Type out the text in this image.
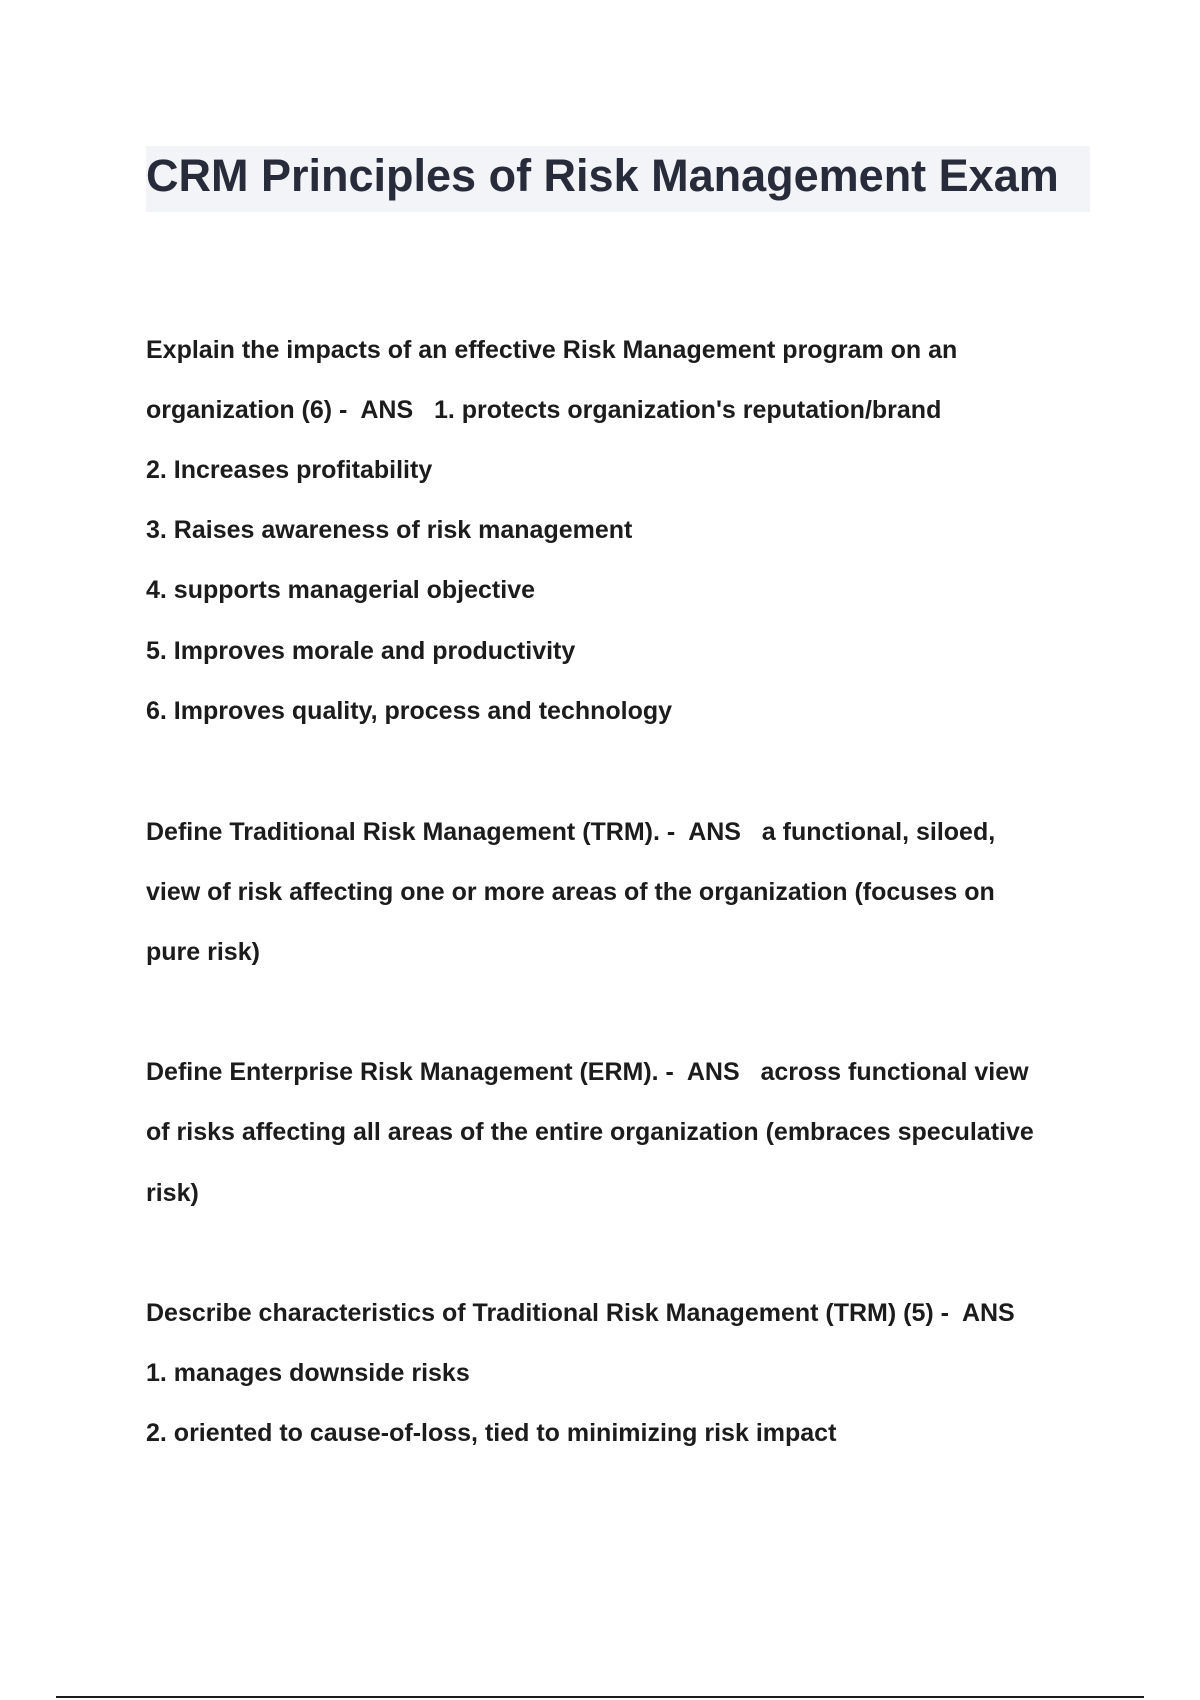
CRM Principles of Risk Management Exam
Explain the impacts of an effective Risk Management program on an
organization (6) -  ANS   1. protects organization's reputation/brand
2. Increases profitability
3. Raises awareness of risk management
4. supports managerial objective
5. Improves morale and productivity
6. Improves quality, process and technology
Define Traditional Risk Management (TRM). -  ANS   a functional, siloed,
view of risk affecting one or more areas of the organization (focuses on
pure risk)
Define Enterprise Risk Management (ERM). -  ANS   across functional view
of risks affecting all areas of the entire organization (embraces speculative
risk)
Describe characteristics of Traditional Risk Management (TRM) (5) -  ANS
1. manages downside risks
2. oriented to cause-of-loss, tied to minimizing risk impact
